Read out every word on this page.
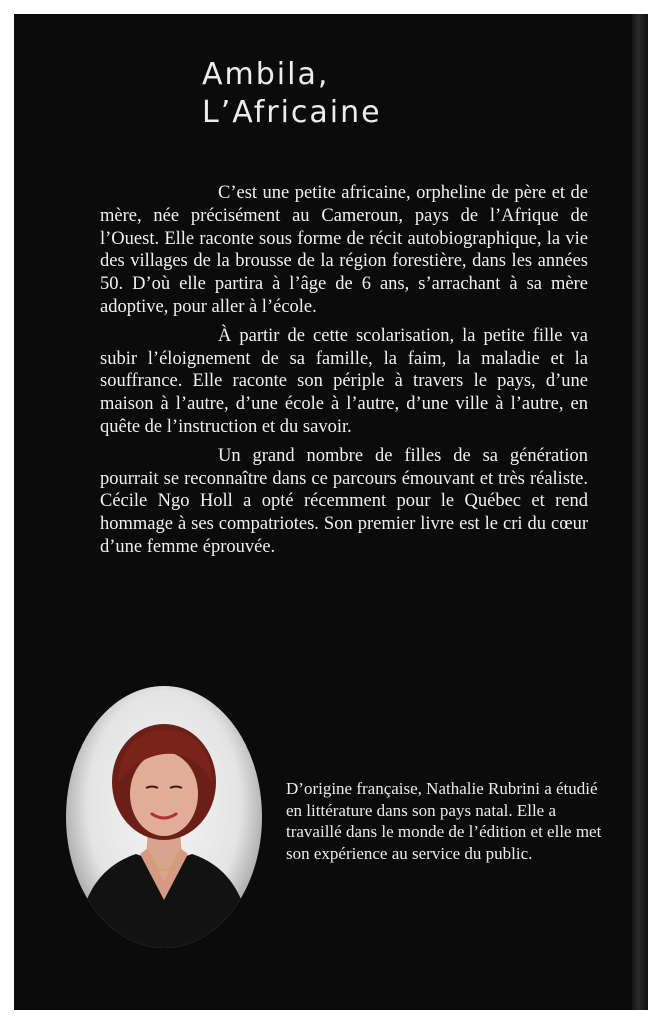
Ambila,
L’Africaine

C’est une petite africaine, orpheline de père et de mère, née précisément au Cameroun, pays de l’Afrique de l’Ouest. Elle raconte sous forme de récit autobiographique, la vie des villages de la brousse de la région forestière, dans les années 50. D’où elle partira à l’âge de 6 ans, s’arrachant à sa mère adoptive, pour aller à l’école.

À partir de cette scolarisation, la petite fille va subir l’éloignement de sa famille, la faim, la maladie et la souffrance. Elle raconte son périple à travers le pays, d’une maison à l’autre, d’une école à l’autre, d’une ville à l’autre, en quête de l’instruction et du savoir.

Un grand nombre de filles de sa génération pourrait se reconnaître dans ce parcours émouvant et très réaliste. Cécile Ngo Holl a opté récemment pour le Québec et rend hommage à ses compatriotes. Son premier livre est le cri du cœur d’une femme éprouvée.

D’origine française, Nathalie Rubrini a étudié en littérature dans son pays natal. Elle a travaillé dans le monde de l’édition et elle met son expérience au service du public.
